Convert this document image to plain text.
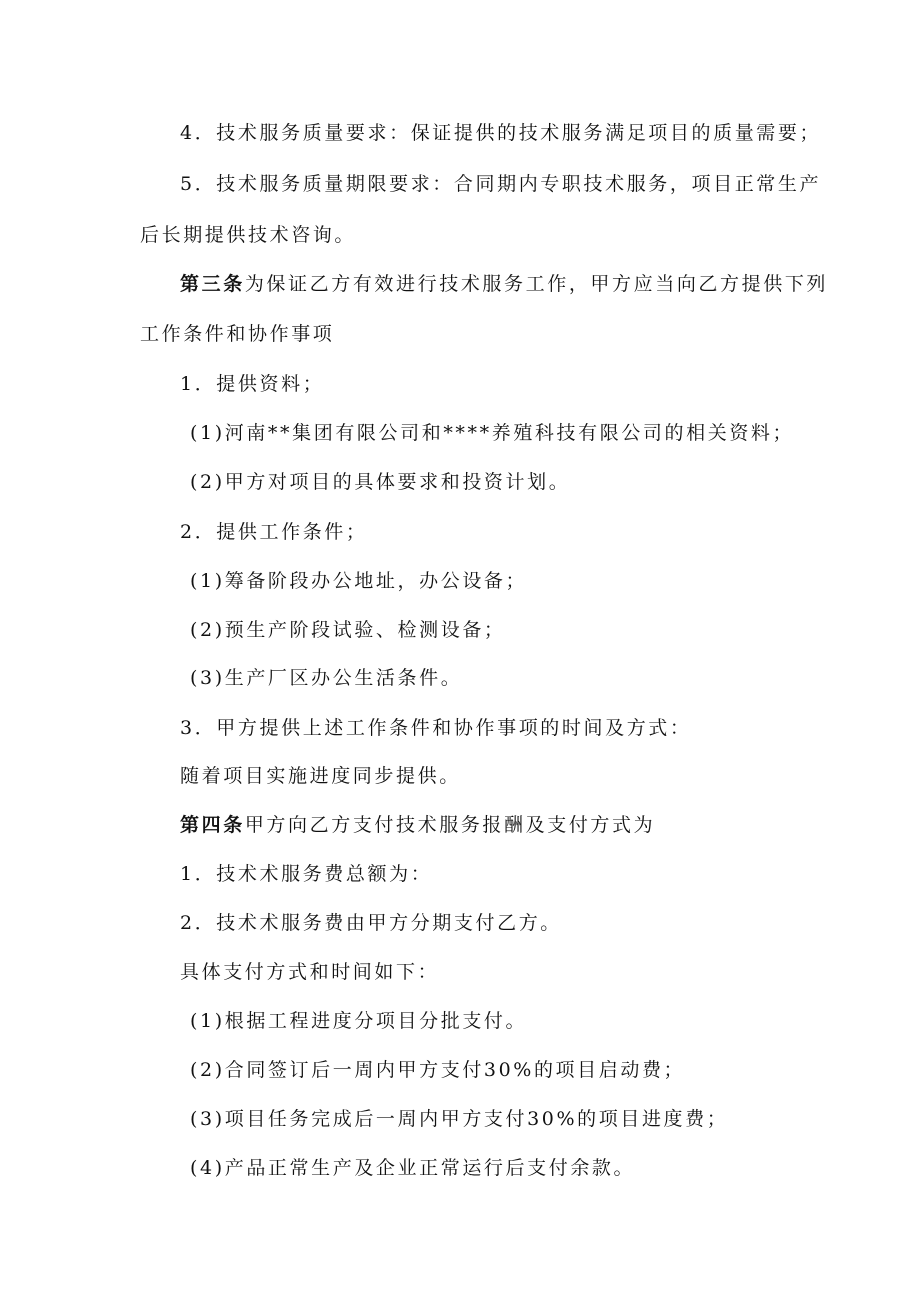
4．技术服务质量要求：保证提供的技术服务满足项目的质量需要；
5．技术服务质量期限要求：合同期内专职技术服务，项目正常生产
后长期提供技术咨询。
第三条为保证乙方有效进行技术服务工作，甲方应当向乙方提供下列
工作条件和协作事项
1．提供资料；
(1)河南**集团有限公司和****养殖科技有限公司的相关资料；
(2)甲方对项目的具体要求和投资计划。
2．提供工作条件；
(1)筹备阶段办公地址，办公设备；
(2)预生产阶段试验、检测设备；
(3)生产厂区办公生活条件。
3．甲方提供上述工作条件和协作事项的时间及方式：
随着项目实施进度同步提供。
第四条甲方向乙方支付技术服务报酬及支付方式为
1．技术术服务费总额为：
2．技术术服务费由甲方分期支付乙方。
具体支付方式和时间如下：
(1)根据工程进度分项目分批支付。
(2)合同签订后一周内甲方支付30%的项目启动费；
(3)项目任务完成后一周内甲方支付30%的项目进度费；
(4)产品正常生产及企业正常运行后支付余款。
